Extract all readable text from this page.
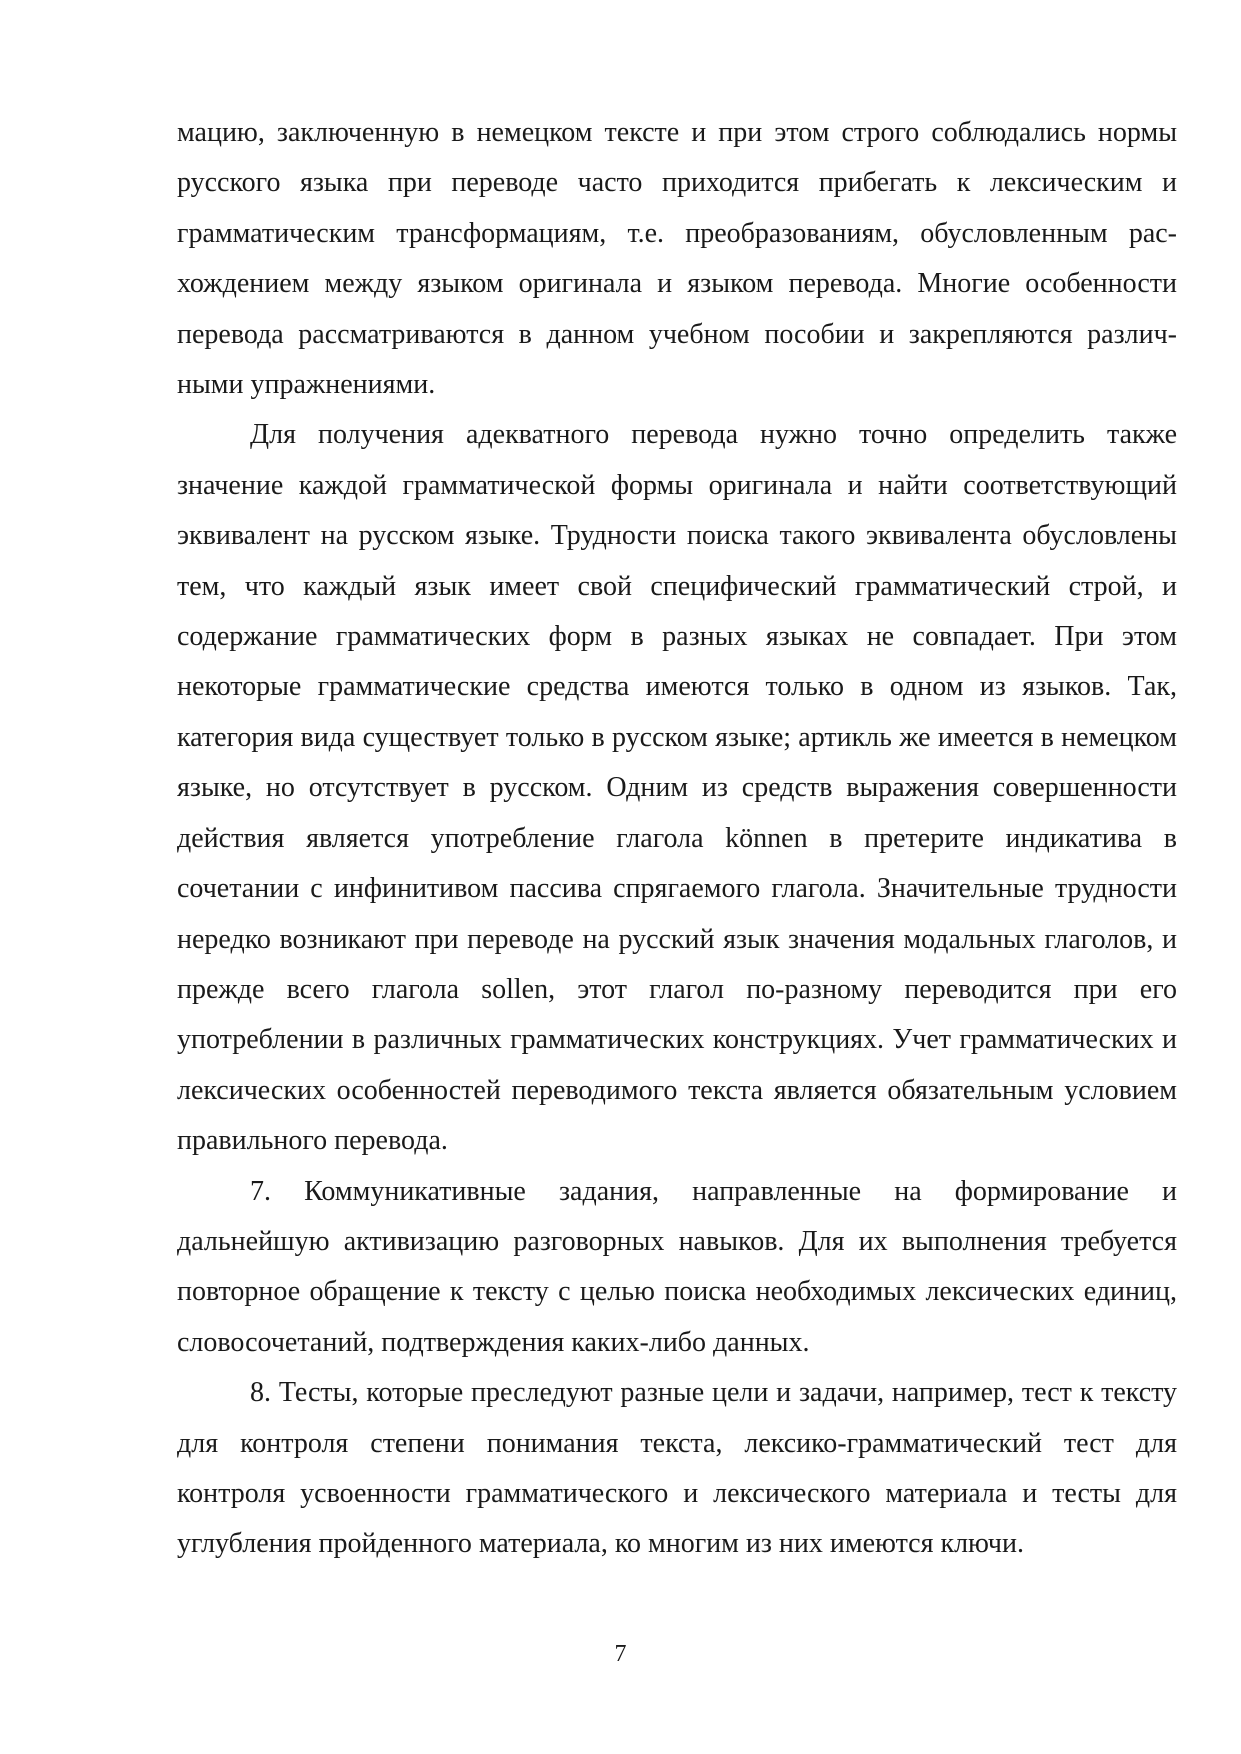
мацию, заключенную в немецком тексте и при этом строго соблюдались нормы русского языка при переводе часто приходится прибегать к лексическим и грамматическим трансформациям, т.е. преобразованиям, обусловленным рас-хождением между языком оригинала и языком перевода. Многие особенности перевода рассматриваются в данном учебном пособии и закрепляются различ-ными упражнениями.

Для получения адекватного перевода нужно точно определить также значение каждой грамматической формы оригинала и найти соответствующий эквивалент на русском языке. Трудности поиска такого эквивалента обусловлены тем, что каждый язык имеет свой специфический грамматический строй, и содержание грамматических форм в разных языках не совпадает. При этом некоторые грамматические средства имеются только в одном из языков. Так, категория вида существует только в русском языке; артикль же имеется в немецком языке, но отсутствует в русском. Одним из средств выражения совершенности действия является употребление глагола können в претерите индикатива в сочетании с инфинитивом пассива спрягаемого глагола. Значительные трудности нередко возникают при переводе на русский язык значения модальных глаголов, и прежде всего глагола sollen, этот глагол по-разному переводится при его употреблении в различных грамматических конструкциях. Учет грамматических и лексических особенностей переводимого текста является обязательным условием правильного перевода.

7. Коммуникативные задания, направленные на формирование и дальнейшую активизацию разговорных навыков. Для их выполнения требуется повторное обращение к тексту с целью поиска необходимых лексических единиц, словосочетаний, подтверждения каких-либо данных.

8. Тесты, которые преследуют разные цели и задачи, например, тест к тексту для контроля степени понимания текста, лексико-грамматический тест для контроля усвоенности грамматического и лексического материала и тесты для углубления пройденного материала, ко многим из них имеются ключи.

7
